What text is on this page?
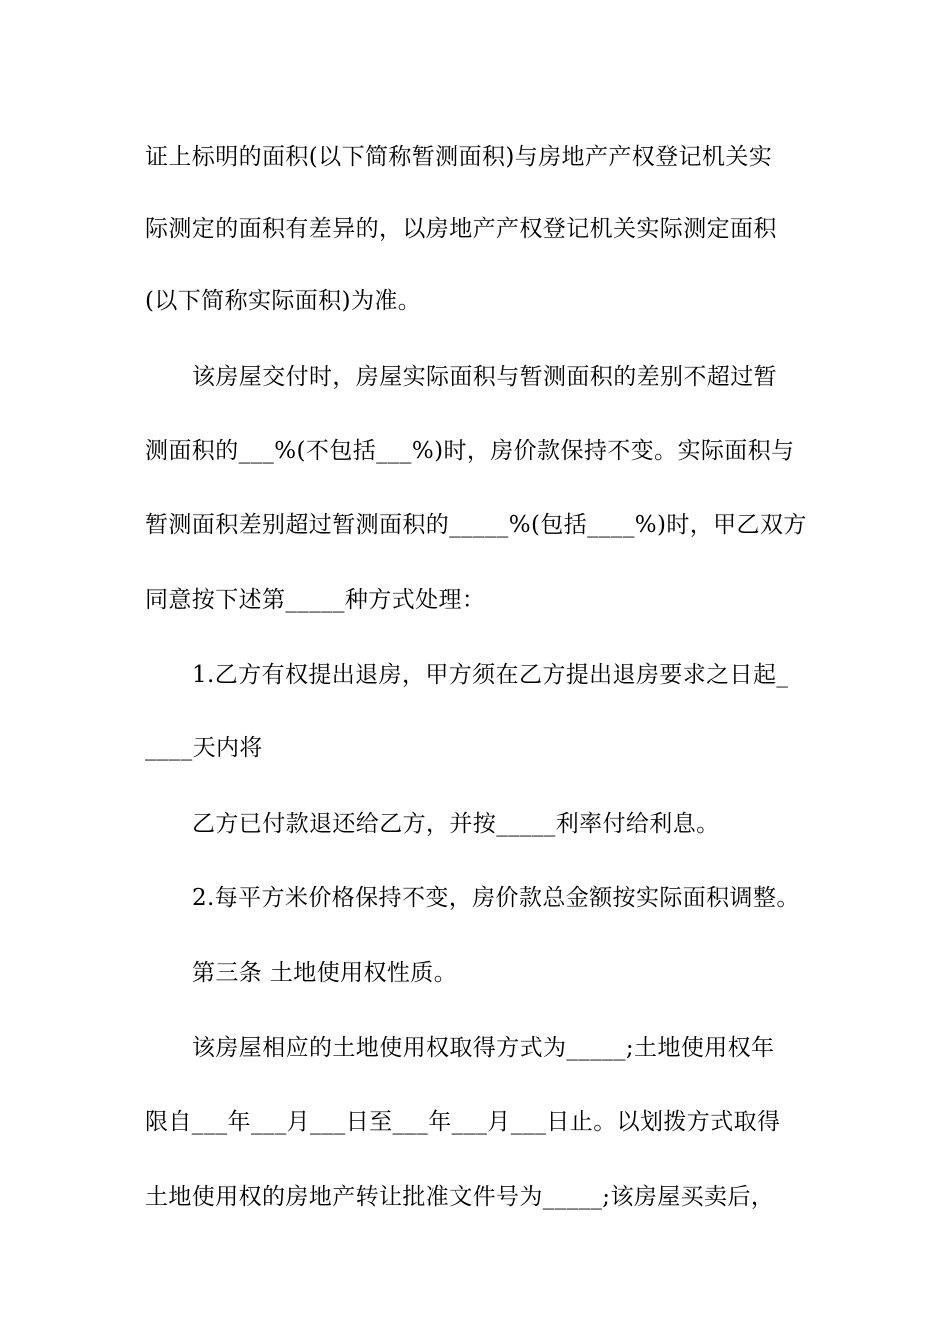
证上标明的面积(以下简称暂测面积)与房地产产权登记机关实
际测定的面积有差异的，以房地产产权登记机关实际测定面积
(以下简称实际面积)为准。
该房屋交付时，房屋实际面积与暂测面积的差别不超过暂
测面积的___%(不包括___%)时，房价款保持不变。实际面积与
暂测面积差别超过暂测面积的_____%(包括____%)时，甲乙双方
同意按下述第_____种方式处理：
1.乙方有权提出退房，甲方须在乙方提出退房要求之日起_
____天内将
乙方已付款退还给乙方，并按_____利率付给利息。
2.每平方米价格保持不变，房价款总金额按实际面积调整。
第三条 土地使用权性质。
该房屋相应的土地使用权取得方式为_____;土地使用权年
限自___年___月___日至___年___月___日止。以划拨方式取得
土地使用权的房地产转让批准文件号为_____;该房屋买卖后，
